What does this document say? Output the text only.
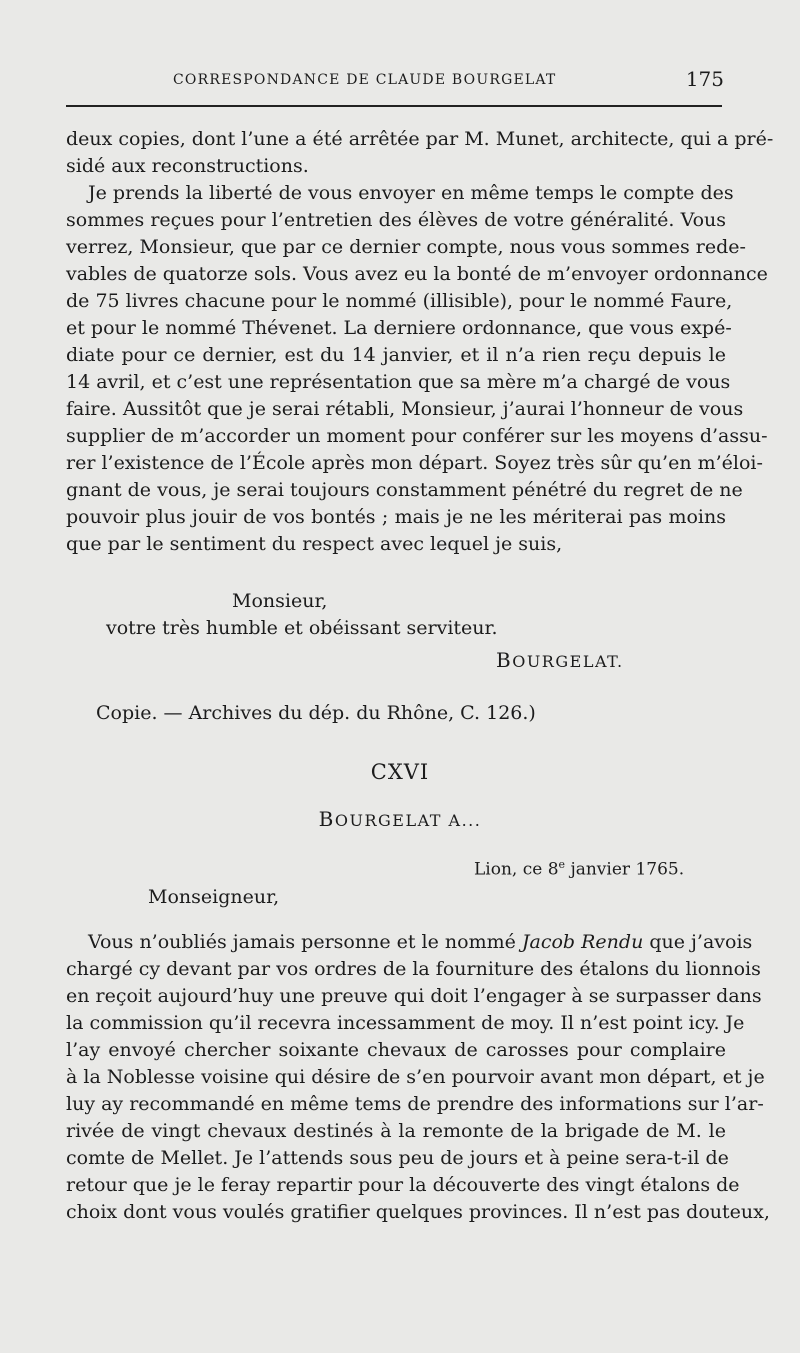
CORRESPONDANCE DE CLAUDE BOURGELAT	175
deux copies, dont l’une a été arrêtée par M. Munet, architecte, qui a pré-
sidé aux reconstructions.
Je prends la liberté de vous envoyer en même temps le compte des
sommes reçues pour l’entretien des élèves de votre généralité. Vous
verrez, Monsieur, que par ce dernier compte, nous vous sommes rede-
vables de quatorze sols. Vous avez eu la bonté de m’envoyer ordonnance
de 75 livres chacune pour le nommé (illisible), pour le nommé Faure,
et pour le nommé Thévenet. La derniere ordonnance, que vous expé-
diate pour ce dernier, est du 14 janvier, et il n’a rien reçu depuis le
14 avril, et c’est une représentation que sa mère m’a chargé de vous
faire. Aussitôt que je serai rétabli, Monsieur, j’aurai l’honneur de vous
supplier de m’accorder un moment pour conférer sur les moyens d’assu-
rer l’existence de l’École après mon départ. Soyez très sûr qu’en m’éloi-
gnant de vous, je serai toujours constamment pénétré du regret de ne
pouvoir plus jouir de vos bontés ; mais je ne les mériterai pas moins
que par le sentiment du respect avec lequel je suis,
Monsieur,
votre très humble et obéissant serviteur.
BOURGELAT.
Copie. — Archives du dép. du Rhône, C. 126.)
CXVI
BOURGELAT A...
Lion, ce 8e janvier 1765.
Monseigneur,
Vous n’oubliés jamais personne et le nommé Jacob Rendu que j’avois
chargé cy devant par vos ordres de la fourniture des étalons du lionnois
en reçoit aujourd’huy une preuve qui doit l’engager à se surpasser dans
la commission qu’il recevra incessamment de moy. Il n’est point icy. Je
l’ay envoyé chercher soixante chevaux de carosses pour complaire
à la Noblesse voisine qui désire de s’en pourvoir avant mon départ, et je
luy ay recommandé en même tems de prendre des informations sur l’ar-
rivée de vingt chevaux destinés à la remonte de la brigade de M. le
comte de Mellet. Je l’attends sous peu de jours et à peine sera-t-il de
retour que je le feray repartir pour la découverte des vingt étalons de
choix dont vous voulés gratifier quelques provinces. Il n’est pas douteux,
